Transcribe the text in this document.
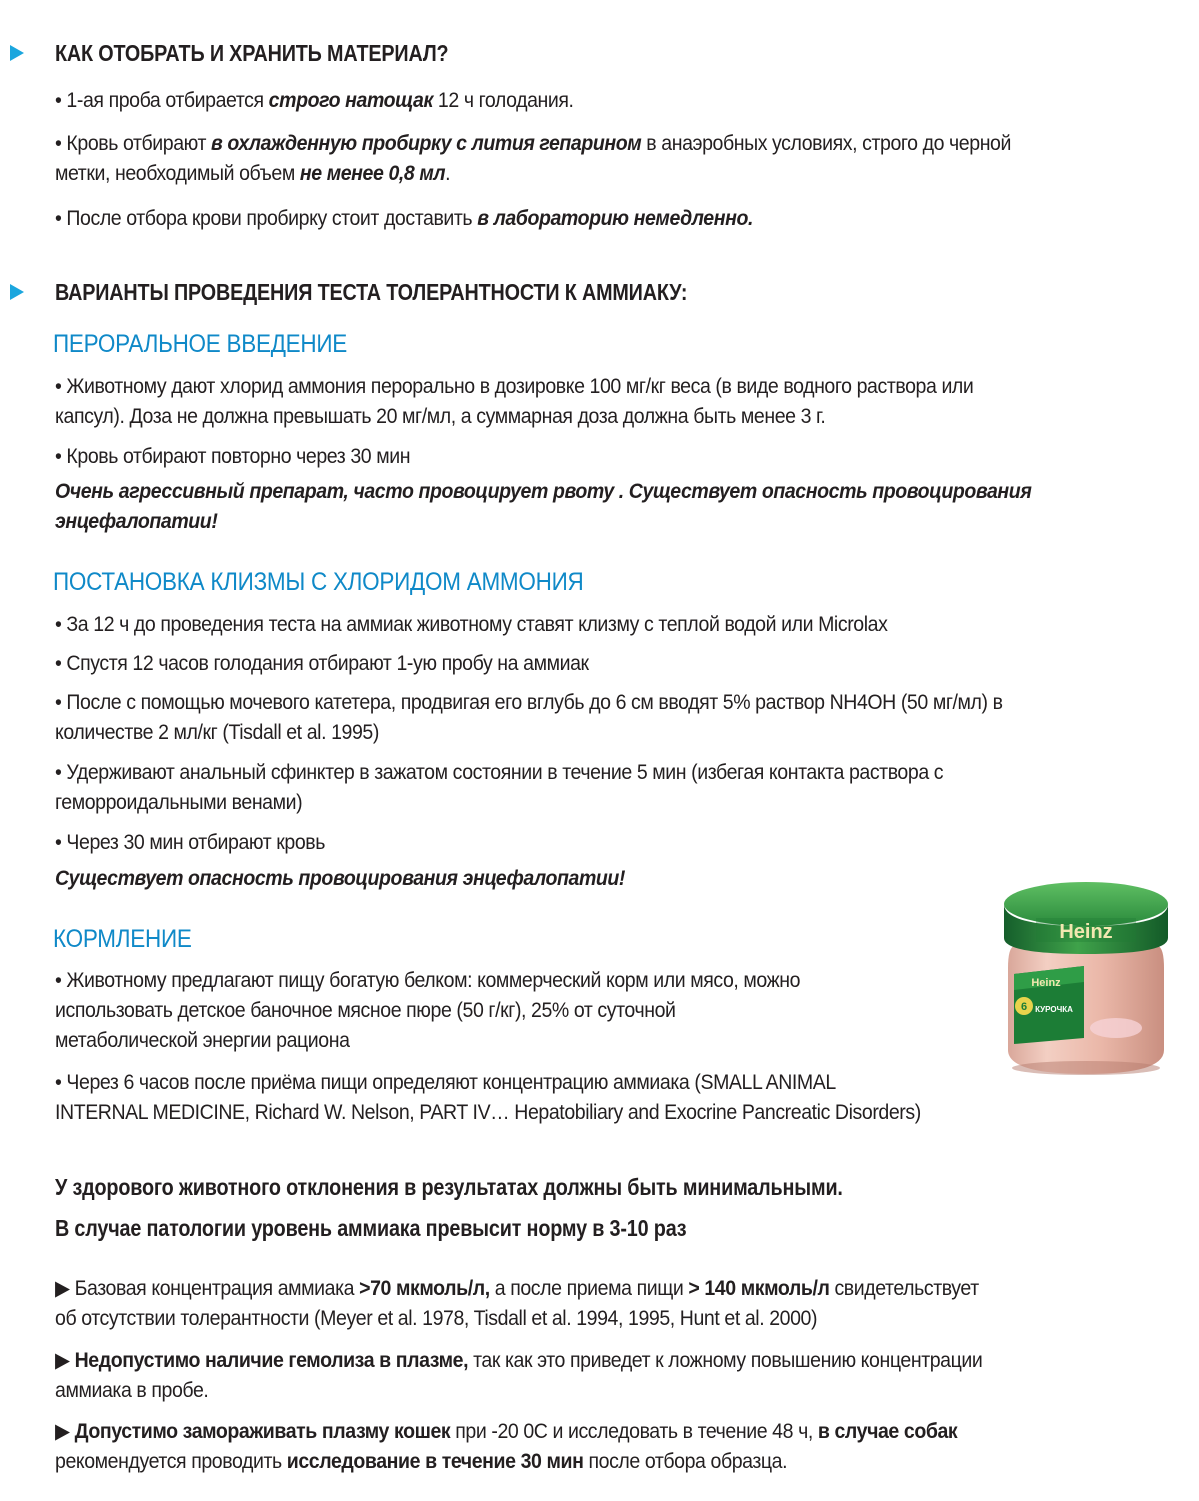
КАК ОТОБРАТЬ И ХРАНИТЬ МАТЕРИАЛ?
• 1-ая проба отбирается строго натощак 12 ч голодания.
• Кровь отбирают в охлажденную пробирку с лития гепарином в анаэробных условиях, строго до черной
метки, необходимый объем не менее 0,8 мл.
• После отбора крови пробирку стоит доставить в лабораторию немедленно.
ВАРИАНТЫ ПРОВЕДЕНИЯ ТЕСТА ТОЛЕРАНТНОСТИ К АММИАКУ:
ПЕРОРАЛЬНОЕ ВВЕДЕНИЕ
• Животному дают хлорид аммония перорально в дозировке 100 мг/кг веса (в виде водного раствора или
капсул). Доза не должна превышать 20 мг/мл, а суммарная доза должна быть менее 3 г.
• Кровь отбирают повторно через 30 мин
Очень агрессивный препарат, часто провоцирует рвоту . Существует опасность провоцирования
энцефалопатии!
ПОСТАНОВКА КЛИЗМЫ С ХЛОРИДОМ АММОНИЯ
• За 12 ч до проведения теста на аммиак животному ставят клизму с теплой водой или Microlax
• Спустя 12 часов голодания отбирают 1-ую пробу на аммиак
• После с помощью мочевого катетера, продвигая его вглубь до 6 см вводят 5% раствор NH4OH (50 мг/мл) в
количестве 2 мл/кг (Tisdall et al. 1995)
• Удерживают анальный сфинктер в зажатом состоянии в течение 5 мин (избегая контакта раствора с
геморроидальными венами)
• Через 30 мин отбирают кровь
Существует опасность провоцирования энцефалопатии!
КОРМЛЕНИЕ
• Животному предлагают пищу богатую белком: коммерческий корм или мясо, можно
использовать детское баночное мясное пюре (50 г/кг), 25% от суточной
метаболической энергии рациона
• Через 6 часов после приёма пищи определяют концентрацию аммиака (SMALL ANIMAL
INTERNAL MEDICINE, Richard W. Nelson, PART IV… Hepatobiliary and Exocrine Pancreatic Disorders)
Heinz
Heinz
6 КУРОЧКА
У здорового животного отклонения в результатах должны быть минимальными.
В случае патологии уровень аммиака превысит норму в 3-10 раз
▶ Базовая концентрация аммиака >70 мкмоль/л, а после приема пищи > 140 мкмоль/л свидетельствует
об отсутствии толерантности (Meyer et al. 1978, Tisdall et al. 1994, 1995, Hunt et al. 2000)
▶ Недопустимо наличие гемолиза в плазме, так как это приведет к ложному повышению концентрации
аммиака в пробе.
▶ Допустимо замораживать плазму кошек при -20 0С и исследовать в течение 48 ч, в случае собак
рекомендуется проводить исследование в течение 30 мин после отбора образца.
